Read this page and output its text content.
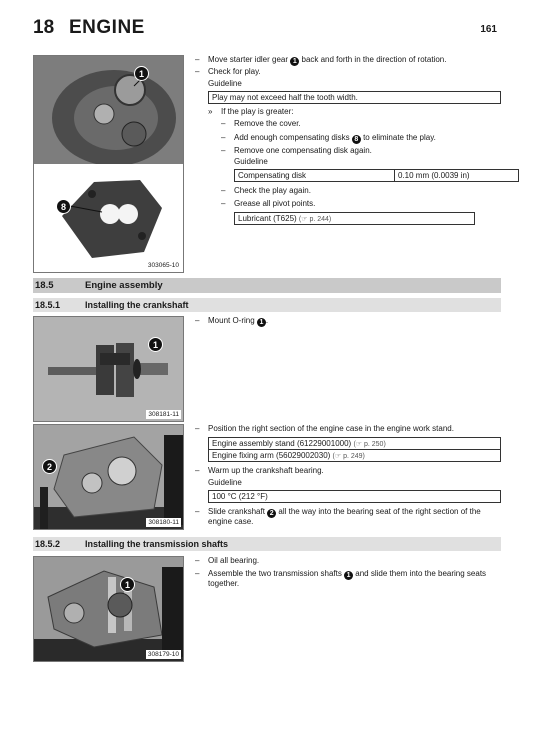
18 ENGINE	161
1
8
303065-10
– Move starter idler gear 1 back and forth in the direction of rotation.
– Check for play.
Guideline
Play may not exceed half the tooth width.
» If the play is greater:
– Remove the cover.
– Add enough compensating disks 8 to eliminate the play.
– Remove one compensating disk again.
Guideline
Compensating disk	0.10 mm (0.0039 in)
– Check the play again.
– Grease all pivot points.
Lubricant (T625) (☞ p. 244)
18.5	Engine assembly
18.5.1	Installing the crankshaft
1
308181-11
– Mount O-ring 1 .
2
308180-11
– Position the right section of the engine case in the engine work stand.
Engine assembly stand (61229001000) (☞ p. 250)
Engine fixing arm (56029002030) (☞ p. 249)
– Warm up the crankshaft bearing.
Guideline
100 °C (212 °F)
– Slide crankshaft 2 all the way into the bearing seat of the right section of the
engine case.
18.5.2	Installing the transmission shafts
1
308179-10
– Oil all bearing.
– Assemble the two transmission shafts 1 and slide them into the bearing seats
together.
